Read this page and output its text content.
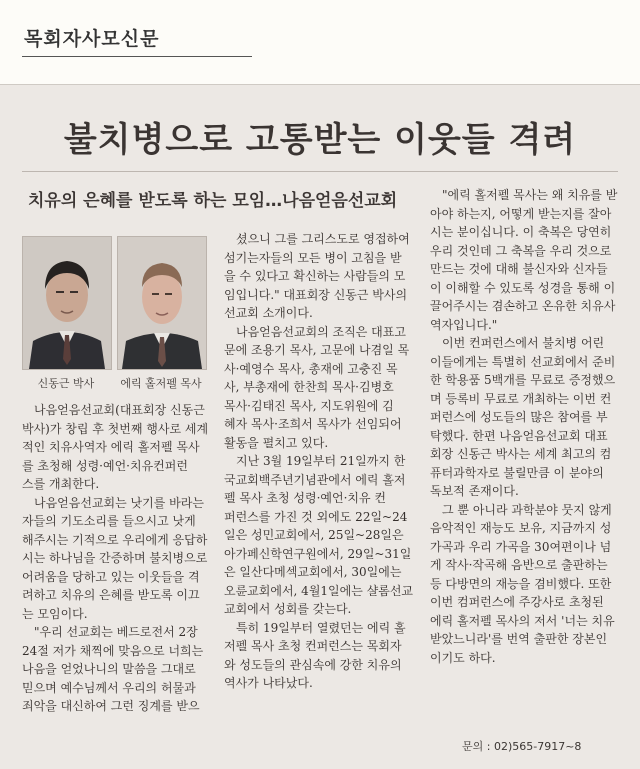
목회자사모신문
불치병으로 고통받는 이웃들 격려
치유의 은혜를 받도록 하는 모임…나음얻음선교회
신동근 박사	에릭 홀저펠 목사

나음얻음선교회(대표회장 신동근
박사)가 창립 후 첫번째 행사로 세계
적인 치유사역자 에릭 홀저펠 목사
를 초청해 성령·예언·치유컨퍼런
스를 개최한다.

나음얻음선교회는 낫기를 바라는
자들의 기도소리를 들으시고 낫게
해주시는 기적으로 우리에게 응답하
시는 하나님을 간증하며 불치병으로
어려움을 당하고 있는 이웃들을 격
려하고 치유의 은혜를 받도록 이끄
는 모임이다.

"우리 선교회는 베드로전서 2장
24절 저가 채찍에 맞음으로 너희는
나음을 얻었나니의 말씀을 그대로
믿으며 예수님께서 우리의 허물과
죄악을 대신하여 그런 징계를 받으

셨으니 그를 그리스도로 영접하여
섬기는자들의 모든 병이 고침을 받
을 수 있다고 확신하는 사람들의 모
임입니다." 대표회장 신동근 박사의
선교회 소개이다.

나음얻음선교회의 조직은 대표고
문에 조용기 목사, 고문에 나겸일 목
사·예영수 목사, 총재에 고충진 목
사, 부총재에 한찬희 목사·김병호
목사·김태진 목사, 지도위원에 김
혜자 목사·조희서 목사가 선임되어
활동을 펼치고 있다.

지난 3월 19일부터 21일까지 한
국교회백주년기념관에서 에릭 홀저
펠 목사 초청 성령·예언·치유 컨
퍼런스를 가진 것 외에도 22일~24
일은 성민교회에서, 25일~28일은
아가페신학연구원에서, 29일~31일
은 일산다메섹교회에서, 30일에는
오륜교회에서, 4월1일에는 샬롬선교
교회에서 성회를 갖는다.

특히 19일부터 열렸던는 에릭 홀
저펠 목사 초청 컨퍼런스는 목회자
와 성도들의 관심속에 강한 치유의
역사가 나타났다.

"에릭 홀저펠 목사는 왜 치유를 받
아야 하는지, 어떻게 받는지를 잘아
시는 분이십니다. 이 축복은 당연히
우리 것인데 그 축복을 우리 것으로
만드는 것에 대해 불신자와 신자들
이 이해할 수 있도록 성경을 통해 이
끌어주시는 겸손하고 온유한 치유사
역자입니다."

이번 컨퍼런스에서 불치병 어린
이들에게는 특별히 선교회에서 준비
한 학용품 5백개를 무료로 증정했으
며 등록비 무료로 개최하는 이번 컨
퍼런스에 성도들의 많은 참여를 부
탁했다. 한편 나음얻음선교회 대표
회장 신동근 박사는 세계 최고의 컴
퓨터과학자로 불릴만큼 이 분야의
독보적 존재이다.

그 뿐 아니라 과학분야 뭇지 않게
음악적인 재능도 보유, 지금까지 성
가곡과 우리 가곡을 30여편이나 넘
게 작사·작곡해 음반으로 출판하는
등 다방면의 재능을 겸비했다. 또한
이번 컴퍼런스에 주강사로 초청된
에릭 홀저펠 목사의 저서 '너는 치유
받았느니라'를 번역 출판한 장본인
이기도 하다.

문의 : 02)565-7917~8
